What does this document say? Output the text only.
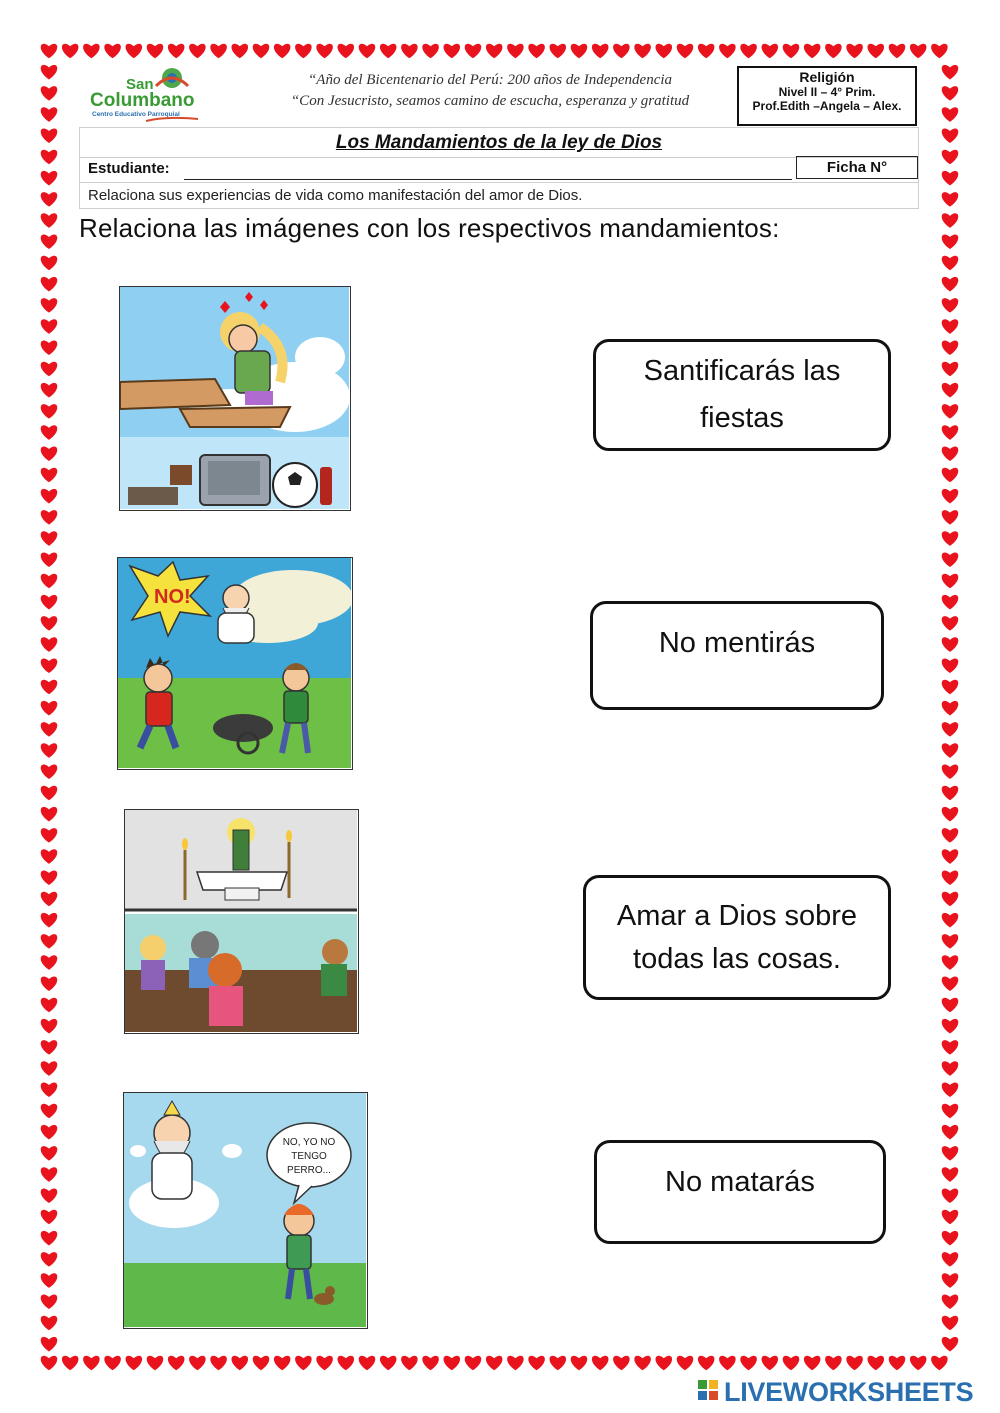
San
Columbano
Centro Educativo Parroquial
“Año del Bicentenario del Perú: 200 años de Independencia
“Con Jesucristo, seamos camino de escucha, esperanza y gratitud
Religión
Nivel II – 4° Prim.
Prof.Edith –Angela – Alex.
Los Mandamientos de la ley de Dios
Estudiante:	Ficha N°
Relaciona sus experiencias de vida como manifestación del amor de Dios.
Relaciona las imágenes con los respectivos mandamientos:
NO!
NO, YO NO
TENGO
PERRO...
Santificarás las
fiestas
No mentirás
Amar a Dios sobre
todas las cosas.
No matarás
LIVEWORKSHEETS
